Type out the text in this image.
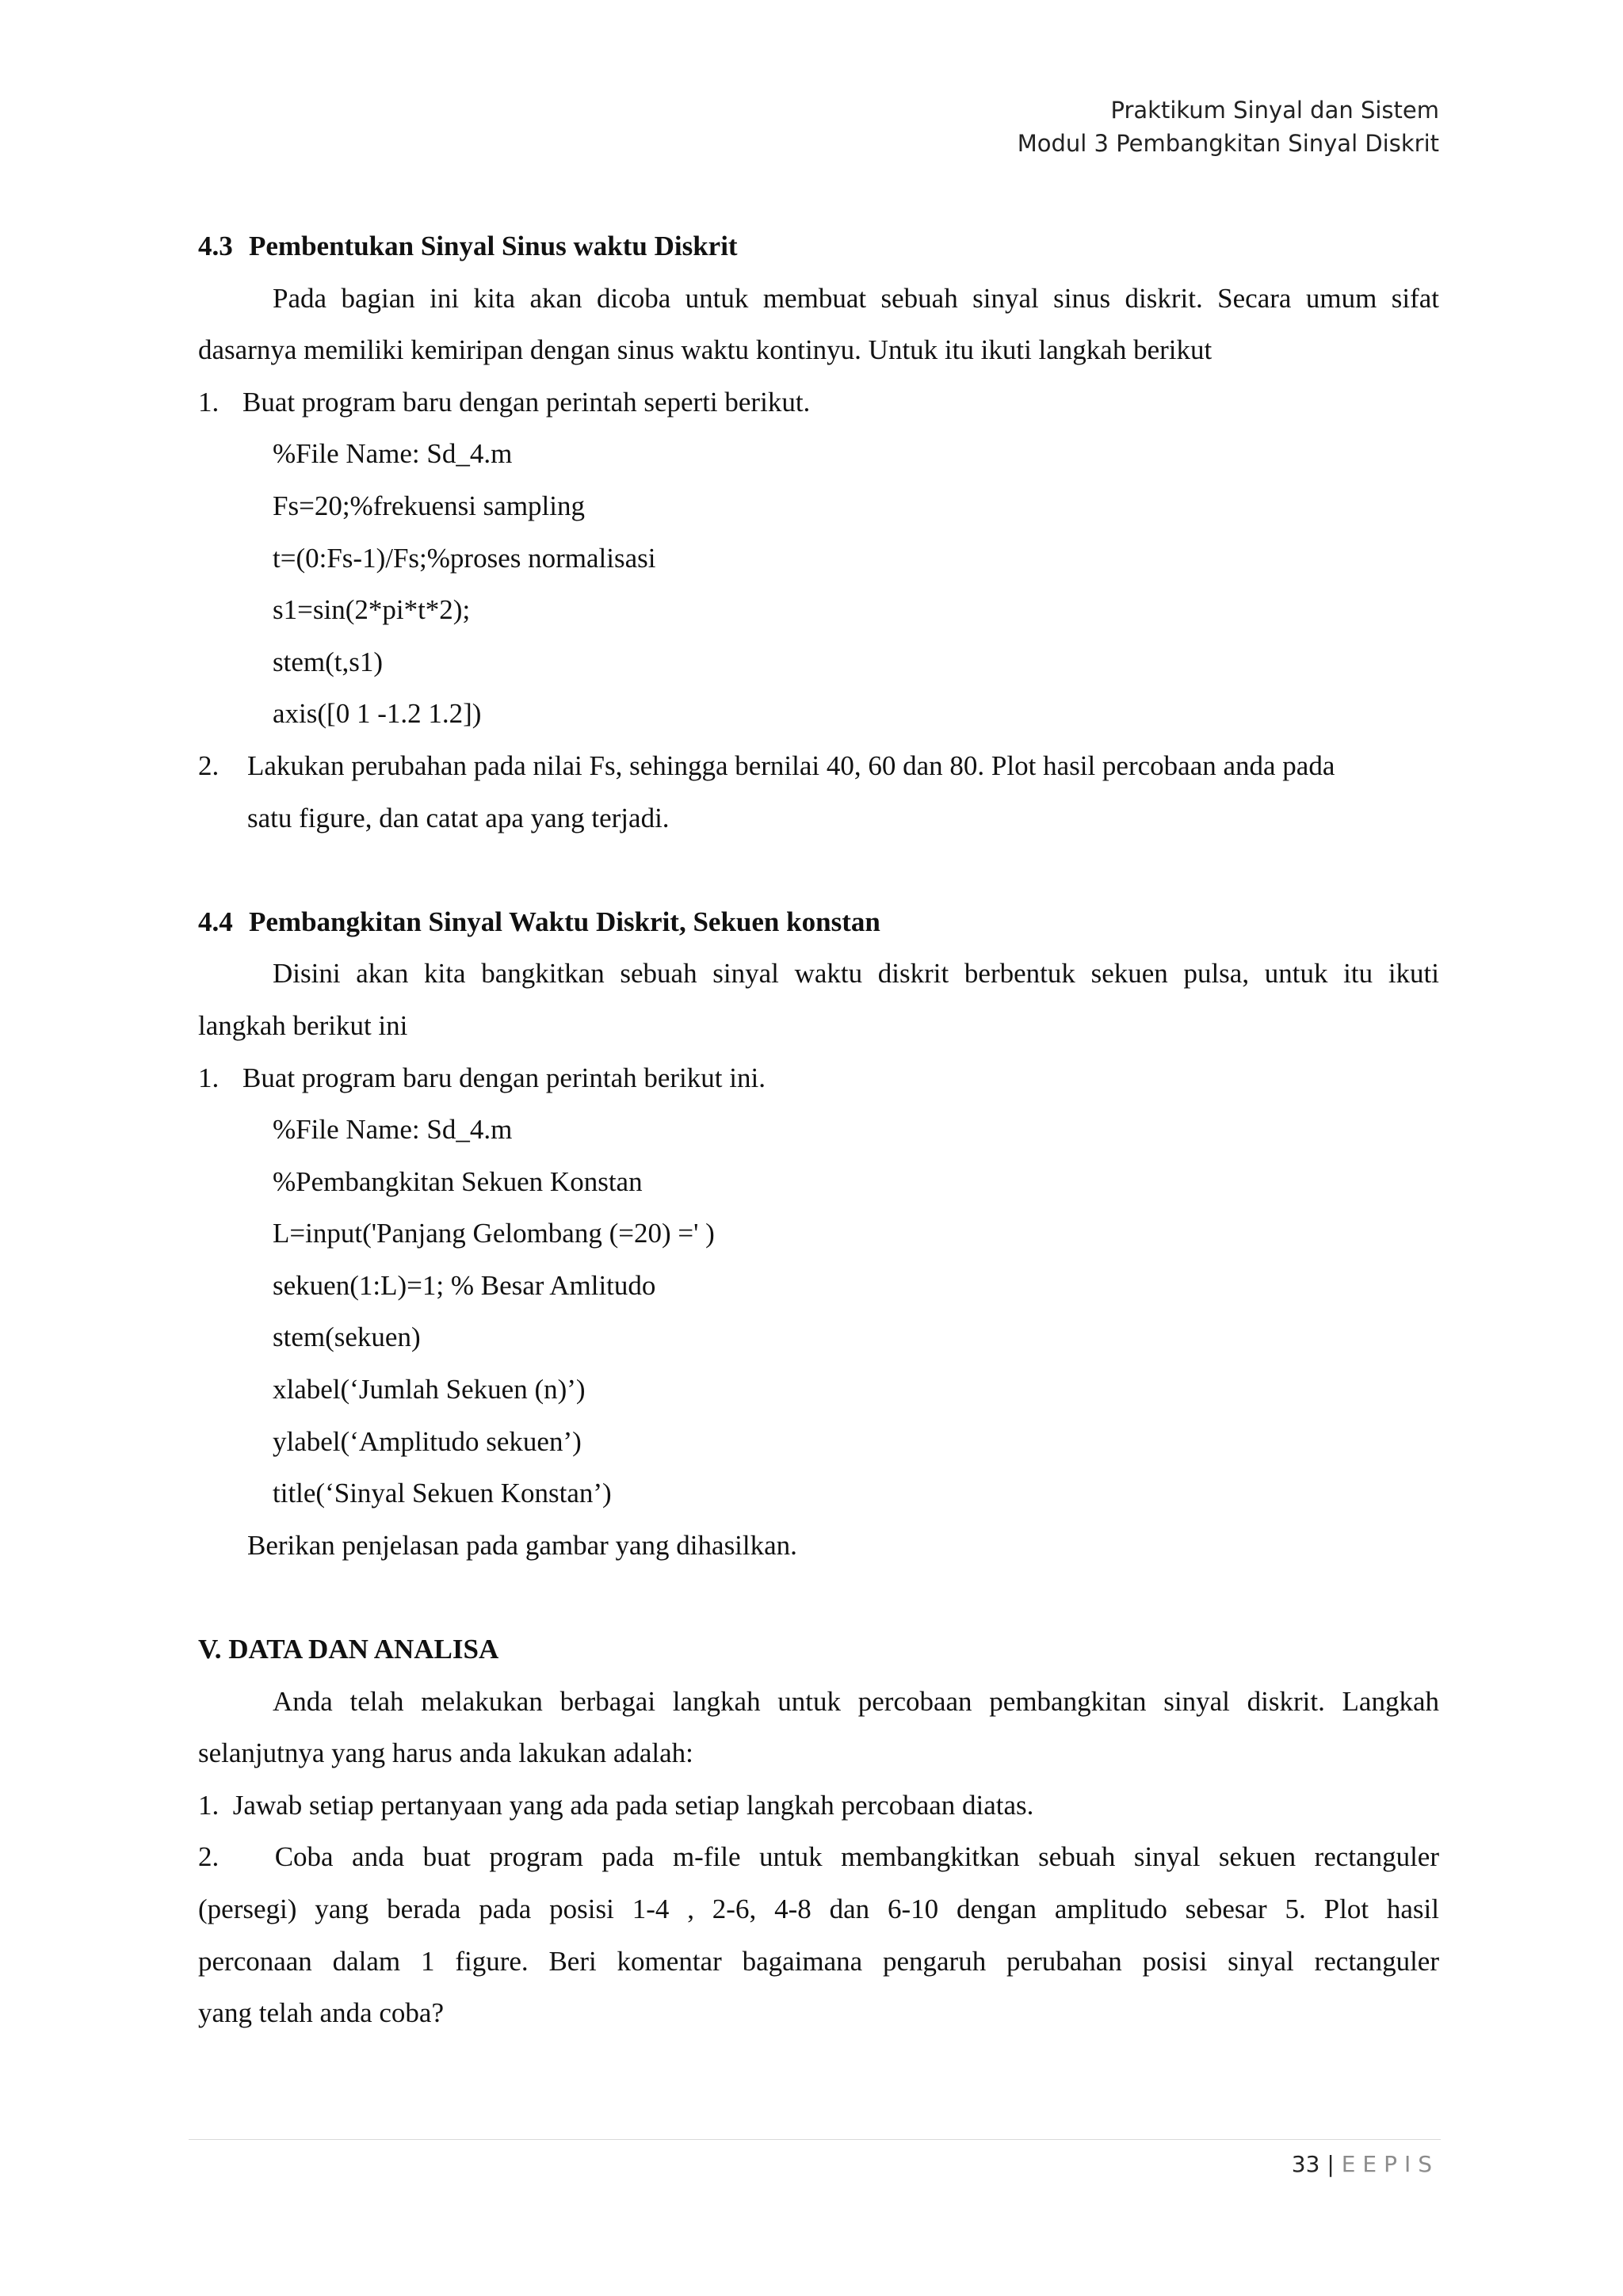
Praktikum Sinyal dan Sistem
Modul 3 Pembangkitan Sinyal Diskrit
4.3 Pembentukan Sinyal Sinus waktu Diskrit
Pada bagian ini kita akan dicoba untuk membuat sebuah sinyal sinus diskrit. Secara umum sifat
dasarnya memiliki kemiripan dengan sinus waktu kontinyu. Untuk itu ikuti langkah berikut
1. Buat program baru dengan perintah seperti berikut.
%File Name: Sd_4.m
Fs=20;%frekuensi sampling
t=(0:Fs-1)/Fs;%proses normalisasi
s1=sin(2*pi*t*2);
stem(t,s1)
axis([0 1 -1.2 1.2])
2. Lakukan perubahan pada nilai Fs, sehingga bernilai 40, 60 dan 80. Plot hasil percobaan anda pada
satu figure, dan catat apa yang terjadi.
4.4 Pembangkitan Sinyal Waktu Diskrit, Sekuen konstan
Disini akan kita bangkitkan sebuah sinyal waktu diskrit berbentuk sekuen pulsa, untuk itu ikuti
langkah berikut ini
1. Buat program baru dengan perintah berikut ini.
%File Name: Sd_4.m
%Pembangkitan Sekuen Konstan
L=input('Panjang Gelombang (=20) =' )
sekuen(1:L)=1; % Besar Amlitudo
stem(sekuen)
xlabel(‘Jumlah Sekuen (n)’)
ylabel(‘Amplitudo sekuen’)
title(‘Sinyal Sekuen Konstan’)
Berikan penjelasan pada gambar yang dihasilkan.
V. DATA DAN ANALISA
Anda telah melakukan berbagai langkah untuk percobaan pembangkitan sinyal diskrit. Langkah
selanjutnya yang harus anda lakukan adalah:
1.  Jawab setiap pertanyaan yang ada pada setiap langkah percobaan diatas.
2.   Coba anda buat program pada m-file untuk membangkitkan sebuah sinyal sekuen rectanguler
(persegi) yang berada pada posisi 1-4 , 2-6, 4-8 dan 6-10 dengan amplitudo sebesar 5. Plot hasil
perconaan dalam 1 figure. Beri komentar bagaimana pengaruh perubahan posisi sinyal rectanguler
yang telah anda coba?
33 | EEPIS
